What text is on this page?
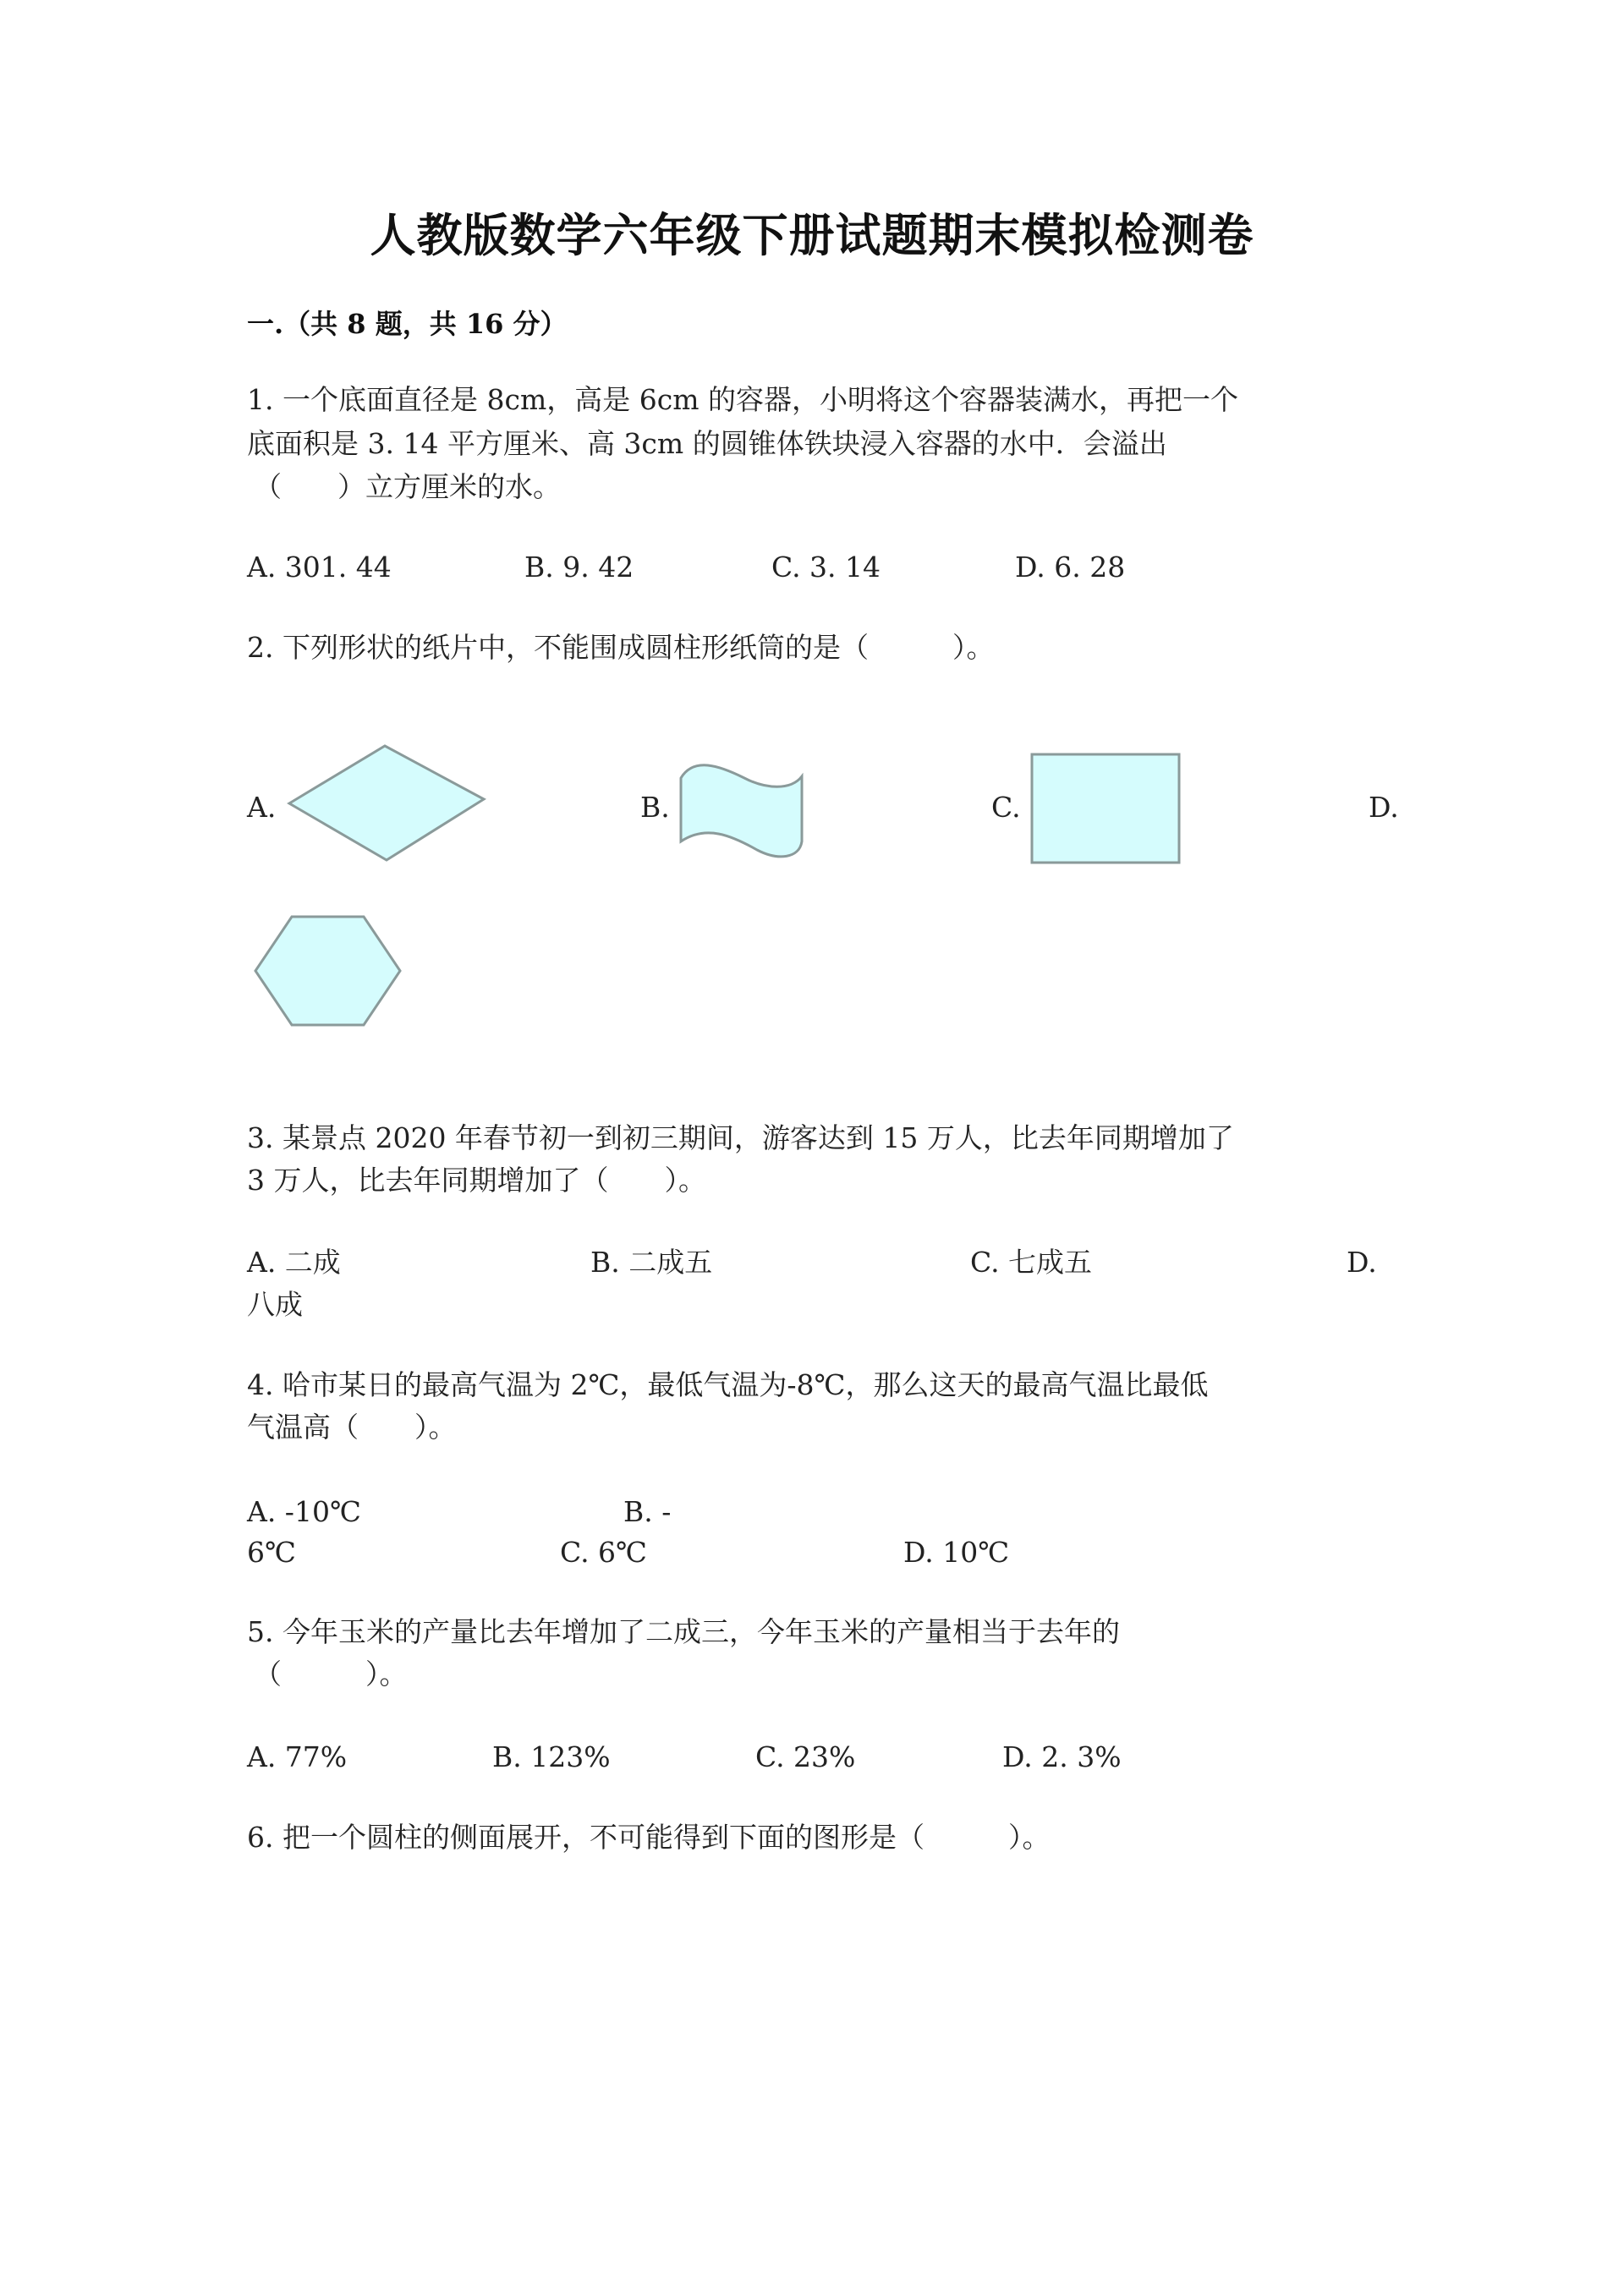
人教版数学六年级下册试题期末模拟检测卷
一.（共 8 题，共 16 分）
1. 一个底面直径是 8cm，高是 6cm 的容器，小明将这个容器装满水，再把一个
底面积是 3. 14 平方厘米、高 3cm 的圆锥体铁块浸入容器的水中．会溢出
（　　）立方厘米的水。
A. 301. 44	B. 9. 42	C. 3. 14	D. 6. 28
2. 下列形状的纸片中，不能围成圆柱形纸筒的是（　　　）。
A.	B.	C.	D.
3. 某景点 2020 年春节初一到初三期间，游客达到 15 万人，比去年同期增加了
3 万人，比去年同期增加了（　　）。
A. 二成	B. 二成五	C. 七成五	D.
八成
4. 哈市某日的最高气温为 2℃，最低气温为-8℃，那么这天的最高气温比最低
气温高（　　）。
A. -10℃	B. -
6℃	C. 6℃	D. 10℃
5. 今年玉米的产量比去年增加了二成三，今年玉米的产量相当于去年的
（　　　）。
A. 77%	B. 123%	C. 23%	D. 2. 3%
6. 把一个圆柱的侧面展开，不可能得到下面的图形是（　　　）。
